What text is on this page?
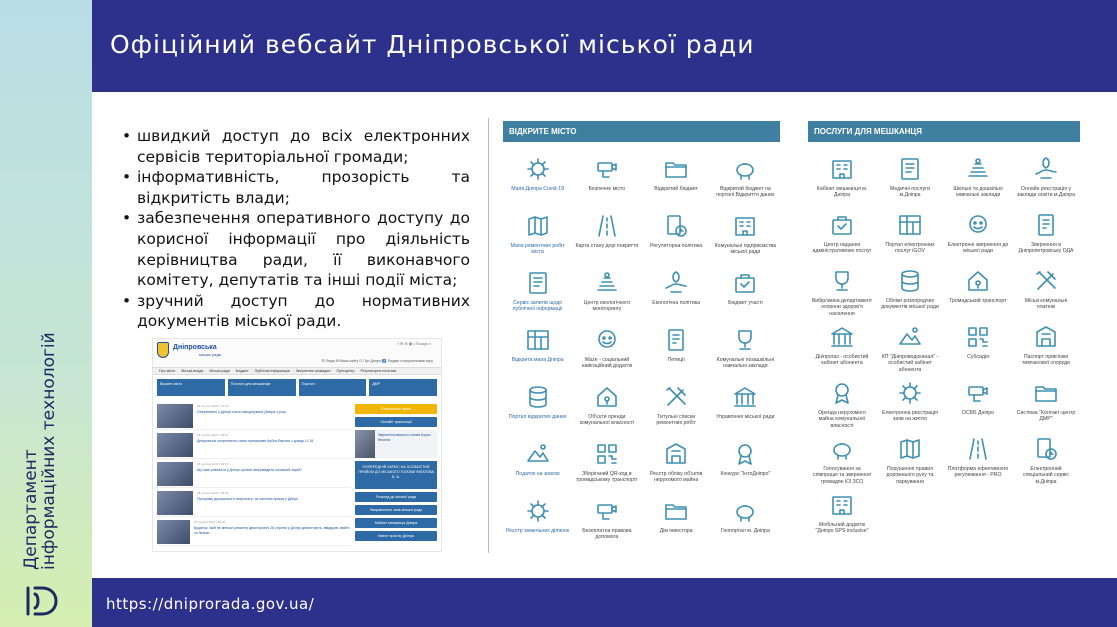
Департамент
інформаційних технологій
Офіційний вебсайт Дніпровської міської ради
• швидкий доступ до всіх електронних сервісів територіальної громади;
• інформативність, прозорість та відкритість влади;
• забезпечення оперативного доступу до корисної інформації про діяльність керівництва ради, її виконавчого комітету, депутатів та інші події міста;
• зручний доступ до нормативних документів міської ради.
Дніпровська
міська рада
f ✉ ⊕ ◉ | Пошук ⌕
☰ Люди ⊞ Мапа сайту ⊡ Про Дніпро ♿ Людям з порушеннями зору
Про місто Міська влада Міська рада Бюджет Публічна інформація Звернення громадян Пресцентр Регуляторна політика
Вікрите місто	Послуги для мешканців	Порталі	ДМР
26 серпня 2021 | 10:20
Оперативно у Дніпрі стало вакцинувати Дніпра з році
26 серпня 2021 | 09:57
Дніпровські спортсмени стали призерами Кубка Європи з дзюдо U-18
26 серпня 2021 | 09:50
Що має ухвалити у Дніпрі органи запровадити головний ліцей?
26 серпня 2021 | 09:33
Програму домашнього патронату: як частина праців у Дніпрі
26 серпня 2021 | 09:23
Будинок, якій не менше ремонту двосторонні 26 серпня у Дніпрі демонтують, ввідкрив, вийти та батьки
Електронна черга
Онлайн трансляції
Звернення міського голови Борис Філатов
ПОПЕРЕДНІЙ ЗАПИС НА ОСОБИСТИЙ ПРИЙОМ ДО МІСЬКОГО ГОЛОВИ ФІЛАТОВА Б. А.
Розклад до міської ради
Направлення заяв міської ради
Кабінет мешканця Дніпра
Інвест простір Дніпра
ВІДКРИТЕ МІСТО
Мапа Дніпра Covid-19	Безпечне місто	Відкритий бюджет	Відкритий бюджет на порталі Відкриття даних
Мапа ремонтних робіт міста
Карта стану дорі покриття	Регуляторна політика	Комунальні підприємства міської ради
Сервіс запитів щодо публічної інформації
Центр екологічного моніторингу
Екологічна політика	Бюджет участі
Відкрита мапа Дніпра	Waze - соціальний навігаційний додаток
Петиції	Комунальні позашкільні навчальні заклади
Портал відкритих даних	Об'єкти оренди комунальної власності
Титульні списки ремонтних робіт
Управління міської ради
Податок на землю	Зберіганий QR-код в громадському транспорті
Реєстр обліку об'єктів нерухомого майна
Конкурс "ІнтоДніпро"
Реєстр земельних ділянок	Безоплатна правова допомога
Дім інвестора	Геопортал м. Дніпра
ПОСЛУГИ ДЛЯ МЕШКАНЦЯ
Кабінет мешканця м. Дніпра
Медичні послуги м.Дніпра
Шкільні та дошкільні навчальні заклади
Онлайн реєстрація у заклади освіти м.Дніпра
Центр надання адміністративних послуг
Портал електронних послуг iGOV
Електронні звернення до міської ради
Звернення в Дніпропетровську ОДА
Вибір/зміна департамент охорони здоров'я населення
Обліки розпорядчих документів міської ради
Громадський транспорт	Міські комунальні платежі
Дніпрогаз - особистий кабінет абонента
КП "Дніпроводоканал" - особистий кабінет абонента
Субсидія	Паспорт прив'язки тимчасової споруди
Оренда нерухомого майна комунальної власності
Електронна реєстрація заяв на житло
ОСББ Дніпро	Система "Контакт-центр ДМР"
Голосування за співпрацю та звернення громадян КЗ ЗСО
Порушення правил дорожнього руху та паркування
Платформа ефективного регулювання - PRO
Електронний спеціальний сервіс м.Дніпра
Мобільний додаток "Дніпро SPS inclusive"
https://dniprorada.gov.ua/
